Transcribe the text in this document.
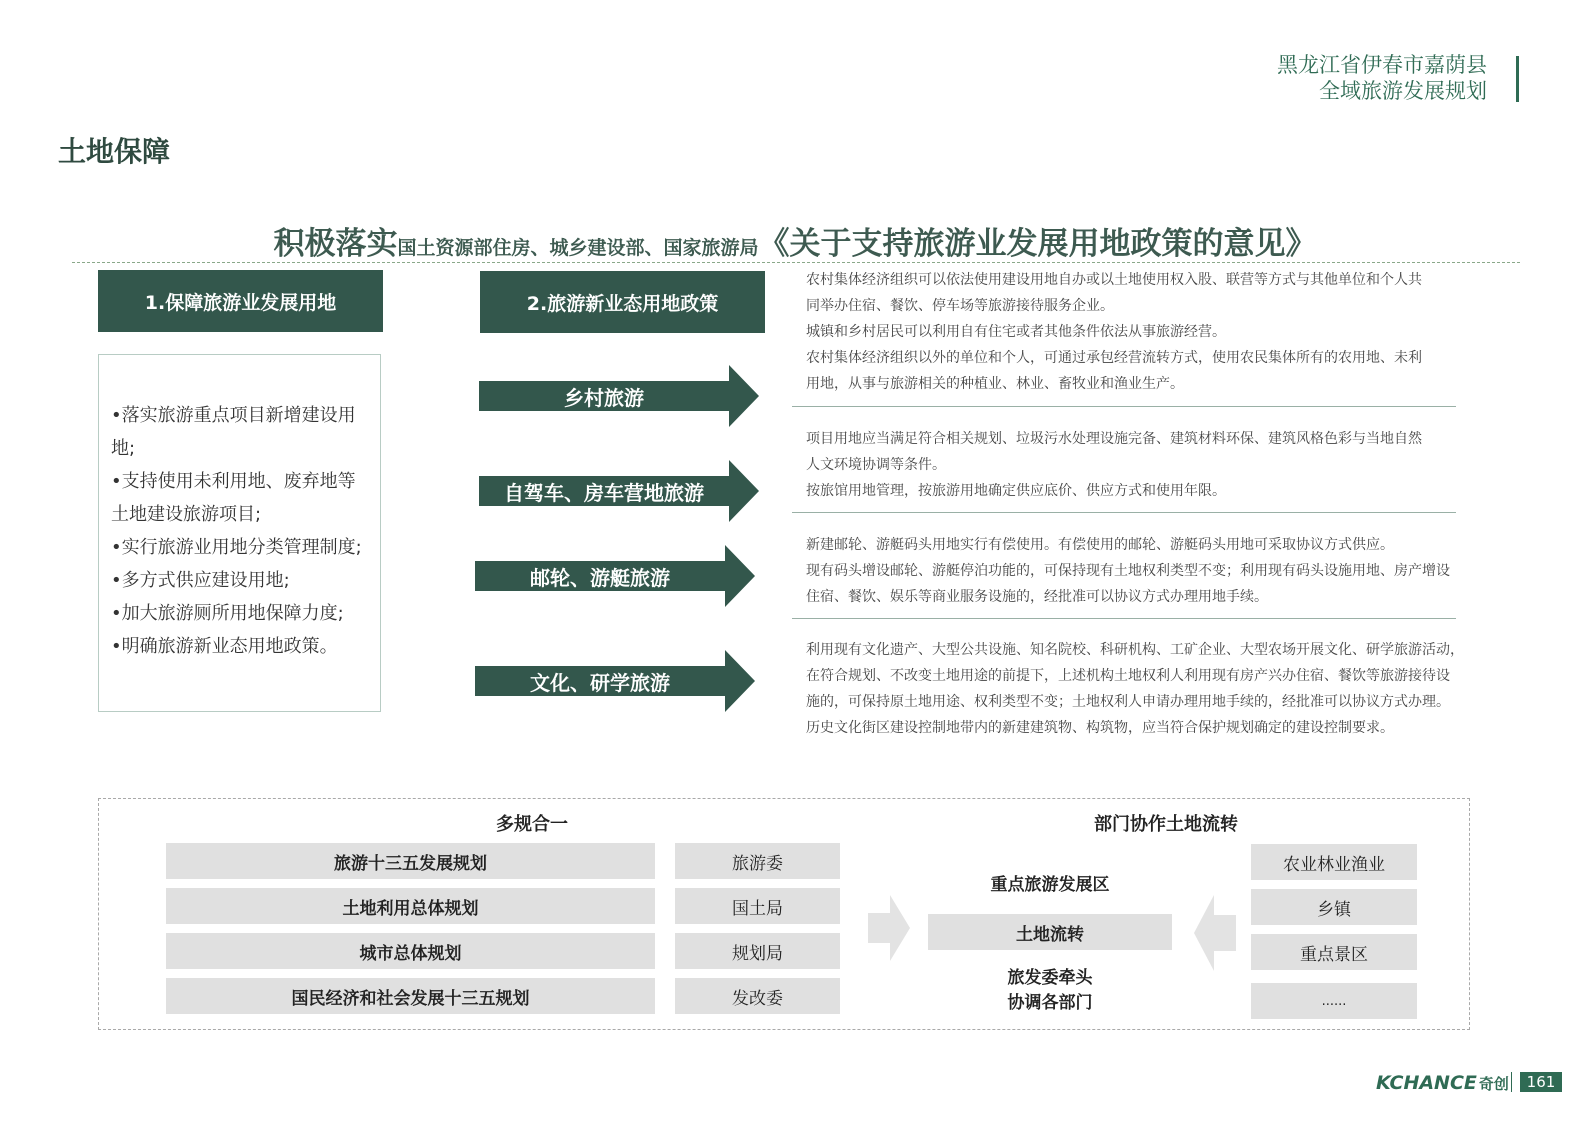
黑龙江省伊春市嘉荫县
全域旅游发展规划
土地保障
积极落实国土资源部住房、城乡建设部、国家旅游局《关于支持旅游业发展用地政策的意见》
1.保障旅游业发展用地
•落实旅游重点项目新增建设用
地;
•支持使用未利用地、废弃地等
土地建设旅游项目;
•实行旅游业用地分类管理制度;
•多方式供应建设用地;
•加大旅游厕所用地保障力度;
•明确旅游新业态用地政策。
2.旅游新业态用地政策
乡村旅游
自驾车、房车营地旅游
邮轮、游艇旅游
文化、研学旅游
农村集体经济组织可以依法使用建设用地自办或以土地使用权入股、联营等方式与其他单位和个人共
同举办住宿、餐饮、停车场等旅游接待服务企业。
城镇和乡村居民可以利用自有住宅或者其他条件依法从事旅游经营。
农村集体经济组织以外的单位和个人，可通过承包经营流转方式，使用农民集体所有的农用地、未利
用地，从事与旅游相关的种植业、林业、畜牧业和渔业生产。
项目用地应当满足符合相关规划、垃圾污水处理设施完备、建筑材料环保、建筑风格色彩与当地自然
人文环境协调等条件。
按旅馆用地管理，按旅游用地确定供应底价、供应方式和使用年限。
新建邮轮、游艇码头用地实行有偿使用。有偿使用的邮轮、游艇码头用地可采取协议方式供应。
现有码头增设邮轮、游艇停泊功能的，可保持现有土地权利类型不变；利用现有码头设施用地、房产增设
住宿、餐饮、娱乐等商业服务设施的，经批准可以协议方式办理用地手续。
利用现有文化遗产、大型公共设施、知名院校、科研机构、工矿企业、大型农场开展文化、研学旅游活动，
在符合规划、不改变土地用途的前提下，上述机构土地权利人利用现有房产兴办住宿、餐饮等旅游接待设
施的，可保持原土地用途、权利类型不变；土地权利人申请办理用地手续的，经批准可以协议方式办理。
历史文化街区建设控制地带内的新建建筑物、构筑物，应当符合保护规划确定的建设控制要求。
多规合一
旅游十三五发展规划
土地利用总体规划
城市总体规划
国民经济和社会发展十三五规划
旅游委
国土局
规划局
发改委
部门协作土地流转
重点旅游发展区
土地流转
旅发委牵头
协调各部门
农业林业渔业
乡镇
重点景区
......
KCHANCE 奇创	161
